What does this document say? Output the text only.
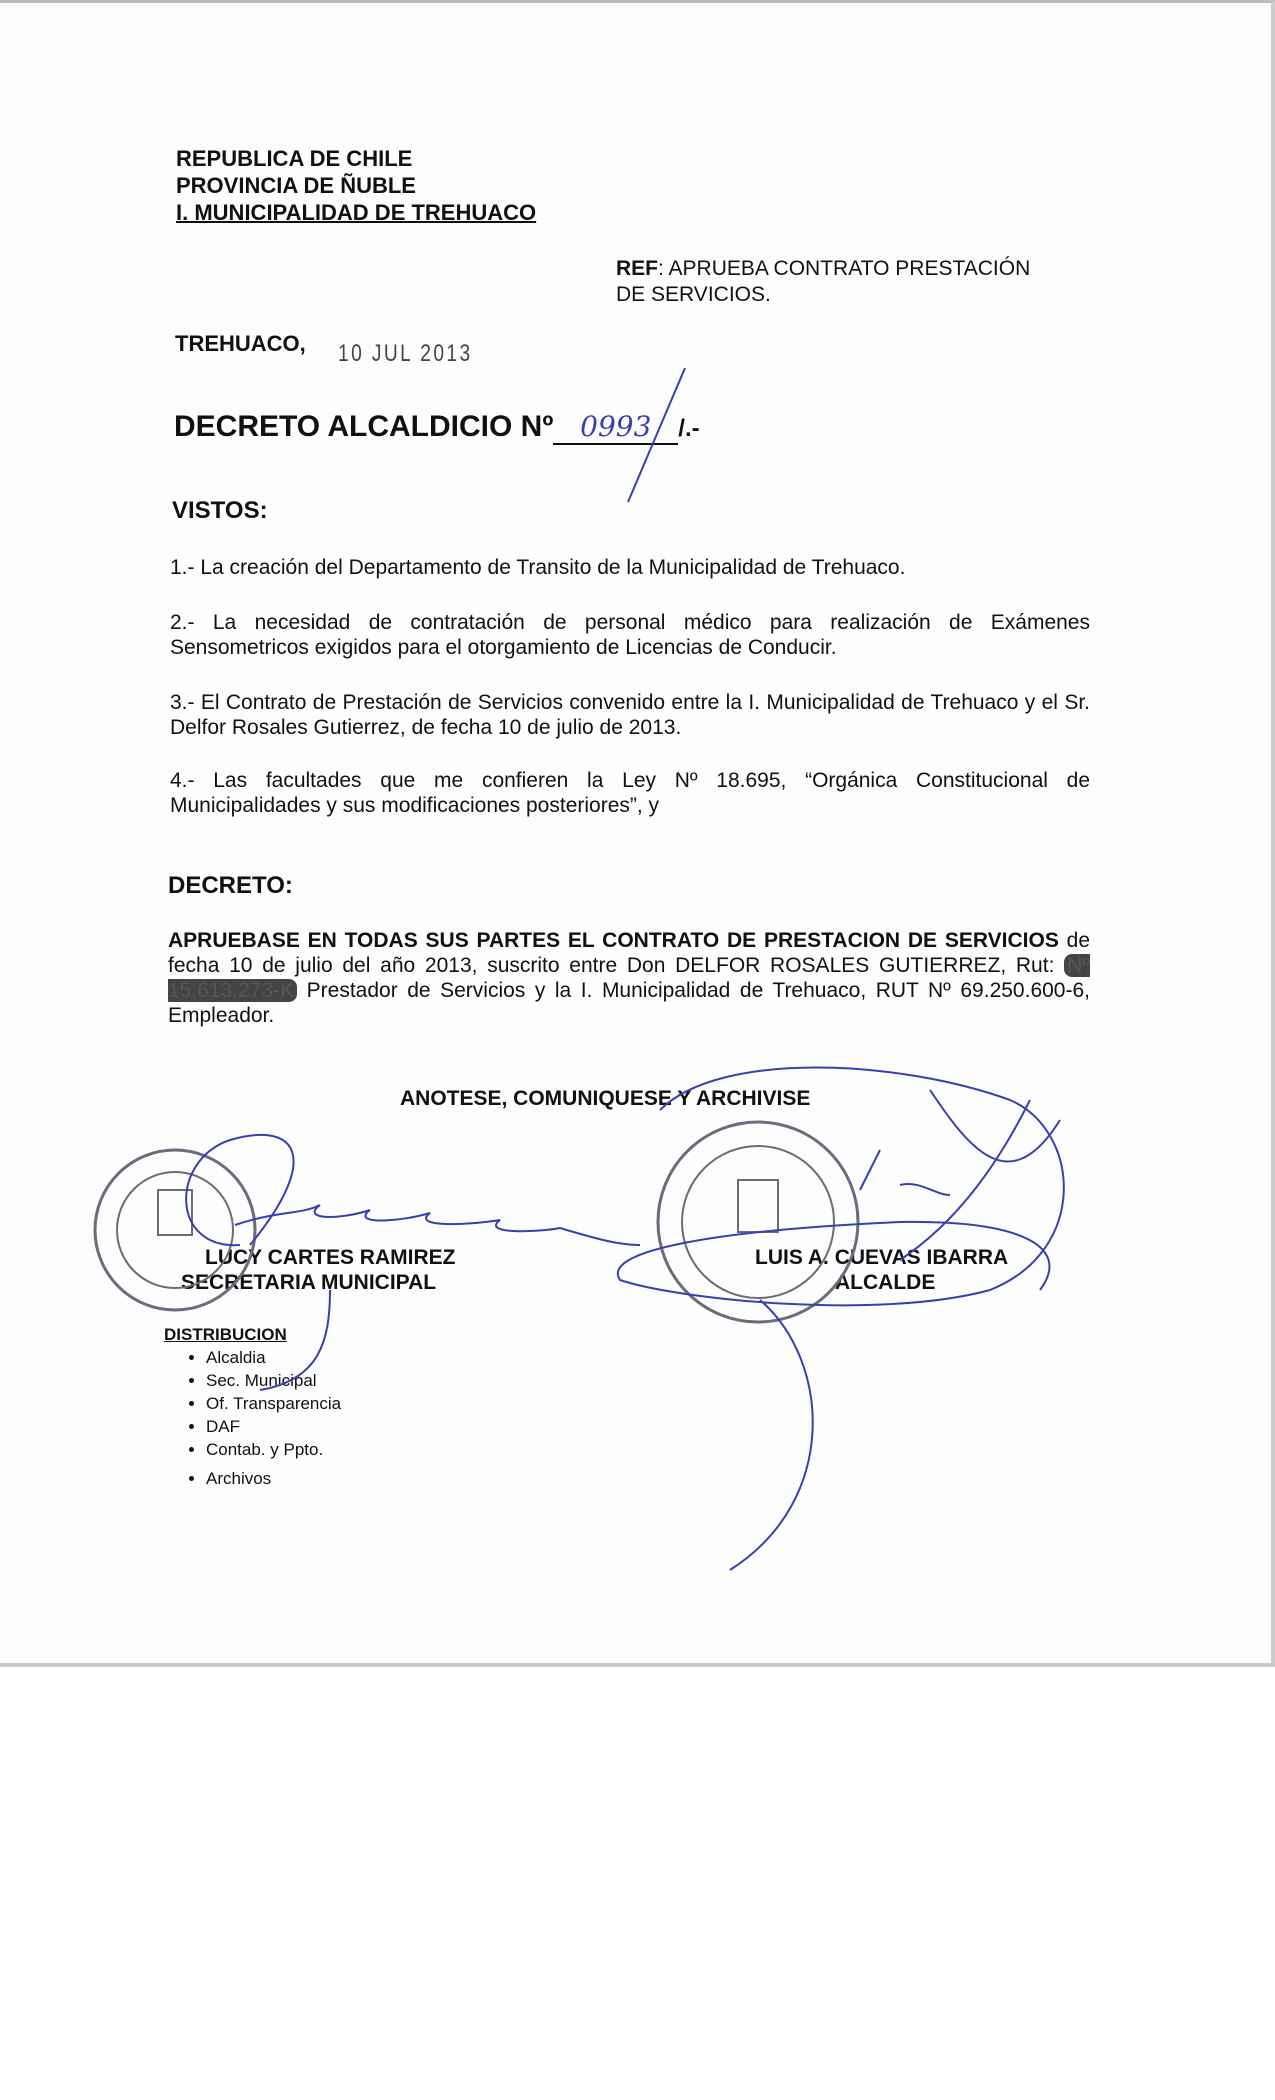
REPUBLICA DE CHILE
PROVINCIA DE ÑUBLE
I. MUNICIPALIDAD DE TREHUACO
REF: APRUEBA CONTRATO PRESTACIÓN
DE SERVICIOS.
TREHUACO, 10 JUL 2013
DECRETO ALCALDICIO Nº 0993 /.-
VISTOS:
1.- La creación del Departamento de Transito de la Municipalidad de Trehuaco.
2.- La necesidad de contratación de personal médico para realización de Exámenes Sensometricos exigidos para el otorgamiento de Licencias de Conducir.
3.- El Contrato de Prestación de Servicios convenido entre la I. Municipalidad de Trehuaco y el Sr. Delfor Rosales Gutierrez, de fecha 10 de julio de 2013.
4.- Las facultades que me confieren la Ley Nº 18.695, “Orgánica Constitucional de Municipalidades y sus modificaciones posteriores”, y
DECRETO:
APRUEBASE EN TODAS SUS PARTES EL CONTRATO DE PRESTACION DE SERVICIOS de fecha 10 de julio del año 2013, suscrito entre Don DELFOR ROSALES GUTIERREZ, Rut: Nº 15.613.273-K Prestador de Servicios y la I. Municipalidad de Trehuaco, RUT Nº 69.250.600-6, Empleador.
ANOTESE, COMUNIQUESE Y ARCHIVISE
LUCY CARTES RAMIREZ
SECRETARIA MUNICIPAL
LUIS A. CUEVAS IBARRA
ALCALDE
DISTRIBUCION
• Alcaldia
• Sec. Municipal
• Of. Transparencia
• DAF
• Contab. y Ppto.
• Archivos
